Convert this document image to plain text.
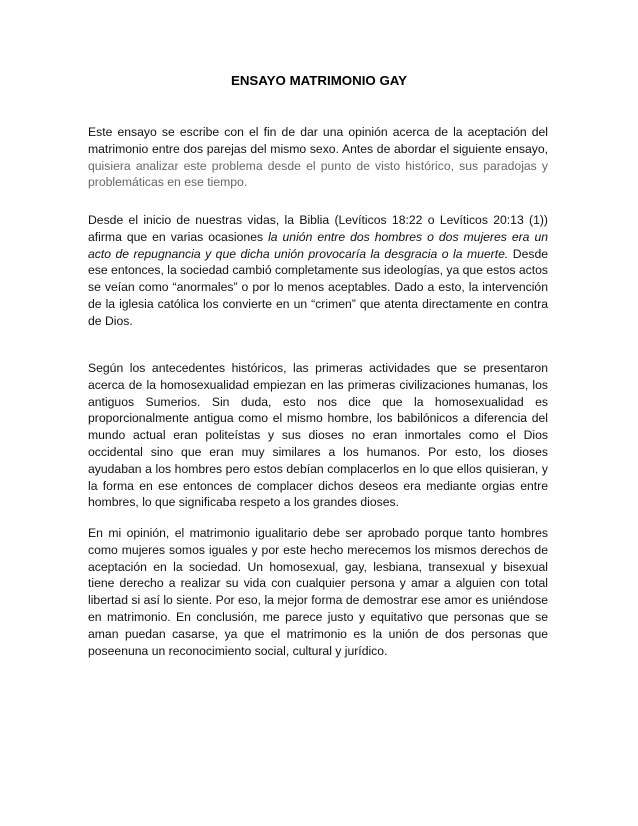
ENSAYO MATRIMONIO GAY

Este ensayo se escribe con el fin de dar una opinión acerca de la aceptación del matrimonio entre dos parejas del mismo sexo. Antes de abordar el siguiente ensayo, quisiera analizar este problema desde el punto de visto histórico, sus paradojas y problemáticas en ese tiempo.

Desde el inicio de nuestras vidas, la Biblia (Levíticos 18:22 o Levíticos 20:13 (1)) afirma que en varias ocasiones la unión entre dos hombres o dos mujeres era un acto de repugnancia y que dicha unión provocaría la desgracia o la muerte. Desde ese entonces, la sociedad cambió completamente sus ideologías, ya que estos actos se veían como “anormales” o por lo menos aceptables. Dado a esto, la intervención de la iglesia católica los convierte en un “crimen” que atenta directamente en contra de Dios.

Según los antecedentes históricos, las primeras actividades que se presentaron acerca de la homosexualidad empiezan en las primeras civilizaciones humanas, los antiguos Sumerios. Sin duda, esto nos dice que la homosexualidad es proporcionalmente antigua como el mismo hombre, los babilónicos a diferencia del mundo actual eran politeístas y sus dioses no eran inmortales como el Dios occidental sino que eran muy similares a los humanos. Por esto, los dioses ayudaban a los hombres pero estos debían complacerlos en lo que ellos quisieran, y la forma en ese entonces de complacer dichos deseos era mediante orgias entre hombres, lo que significaba respeto a los grandes dioses.

En mi opinión, el matrimonio igualitario debe ser aprobado porque tanto hombres como mujeres somos iguales y por este hecho merecemos los mismos derechos de aceptación en la sociedad. Un homosexual, gay, lesbiana, transexual y bisexual tiene derecho a realizar su vida con cualquier persona y amar a alguien con total libertad si así lo siente. Por eso, la mejor forma de demostrar ese amor es uniéndose en matrimonio. En conclusión, me parece justo y equitativo que personas que se aman puedan casarse, ya que el matrimonio es la unión de dos personas que poseenuna un reconocimiento social, cultural y jurídico.
